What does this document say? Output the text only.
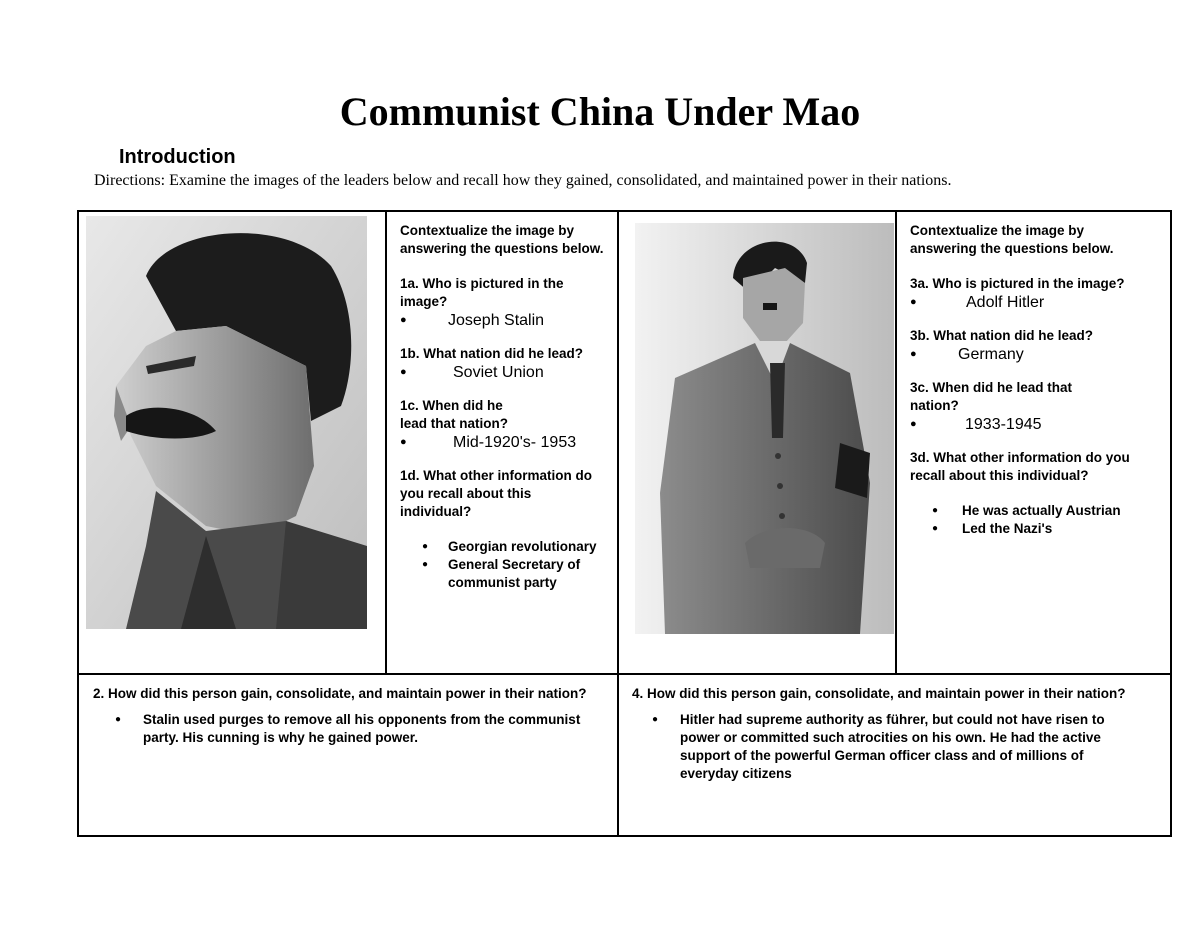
Communist China Under Mao
Introduction
Directions: Examine the images of the leaders below and recall how they gained, consolidated, and maintained power in their nations.

Contextualize the image by answering the questions below.

1a. Who is pictured in the image?

●	Joseph Stalin

1b. What nation did he lead?

●	Soviet Union

1c. When did he lead that nation?

●	Mid-1920's- 1953

1d. What other information do you recall about this individual?

● Georgian revolutionary
● General Secretary of communist party

Contextualize the image by answering the questions below.

3a. Who is pictured in the image?

●	Adolf Hitler

3b. What nation did he lead?

●	Germany

3c. When did he lead that nation?

●	1933-1945

3d. What other information do you recall about this individual?

● He was actually Austrian
● Led the Nazi's

2. How did this person gain, consolidate, and maintain power in their nation?

● Stalin used purges to remove all his opponents from the communist party. His cunning is why he gained power.

4. How did this person gain, consolidate, and maintain power in their nation?

● Hitler had supreme authority as führer, but could not have risen to power or committed such atrocities on his own. He had the active support of the powerful German officer class and of millions of everyday citizens
